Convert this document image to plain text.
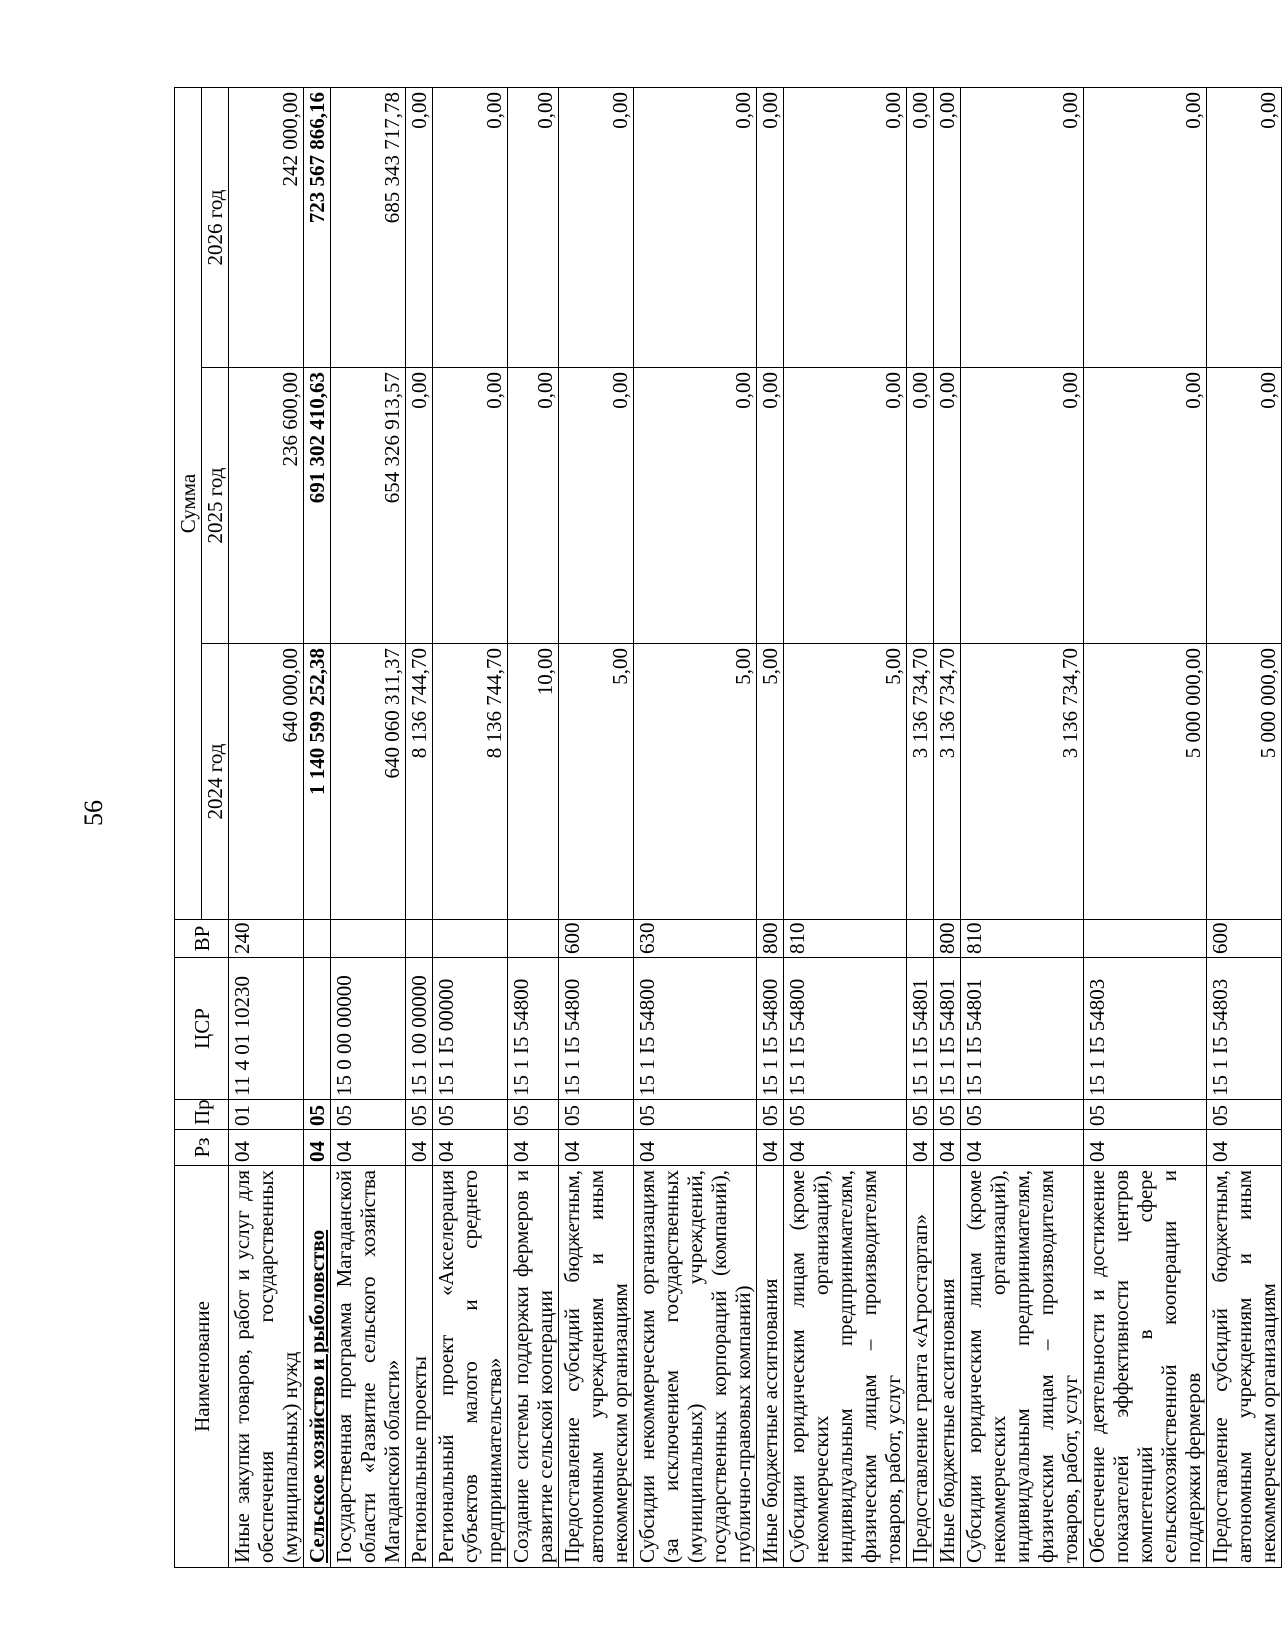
56
Наименование	Рз	Пр	ЦСР	ВР	Сумма		
					2024 год	2025 год	2026 год
Иные закупки товаров, работ и услуг для обеспечения государственных (муниципальных) нужд	04	01	11 4 01 10230	240	640 000,00	236 600,00	242 000,00
Сельское хозяйство и рыболовство	04	05			1 140 599 252,38	691 302 410,63	723 567 866,16
Государственная программа Магаданской области «Развитие сельского хозяйства Магаданской области»	04	05	15 0 00 00000		640 060 311,37	654 326 913,57	685 343 717,78
Региональные проекты	04	05	15 1 00 00000		8 136 744,70	0,00	0,00
Региональный проект «Акселерация субъектов малого и среднего предпринимательства»	04	05	15 1 I5 00000		8 136 744,70	0,00	0,00
Создание системы поддержки фермеров и развитие сельской кооперации	04	05	15 1 I5 54800		10,00	0,00	0,00
Предоставление субсидий бюджетным, автономным учреждениям и иным некоммерческим организациям	04	05	15 1 I5 54800	600	5,00	0,00	0,00
Субсидии некоммерческим организациям (за исключением государственных (муниципальных) учреждений, государственных корпораций (компаний), публично-правовых компаний)	04	05	15 1 I5 54800	630	5,00	0,00	0,00
Иные бюджетные ассигнования	04	05	15 1 I5 54800	800	5,00	0,00	0,00
Субсидии юридическим лицам (кроме некоммерческих организаций), индивидуальным предпринимателям, физическим лицам – производителям товаров, работ, услуг	04	05	15 1 I5 54800	810	5,00	0,00	0,00
Предоставление гранта «Агростартап»	04	05	15 1 I5 54801		3 136 734,70	0,00	0,00
Иные бюджетные ассигнования	04	05	15 1 I5 54801	800	3 136 734,70	0,00	0,00
Субсидии юридическим лицам (кроме некоммерческих организаций), индивидуальным предпринимателям, физическим лицам – производителям товаров, работ, услуг	04	05	15 1 I5 54801	810	3 136 734,70	0,00	0,00
Обеспечение деятельности и достижение показателей эффективности центров компетенций в сфере сельскохозяйственной кооперации и поддержки фермеров	04	05	15 1 I5 54803		5 000 000,00	0,00	0,00
Предоставление субсидий бюджетным, автономным учреждениям и иным некоммерческим организациям	04	05	15 1 I5 54803	600	5 000 000,00	0,00	0,00
